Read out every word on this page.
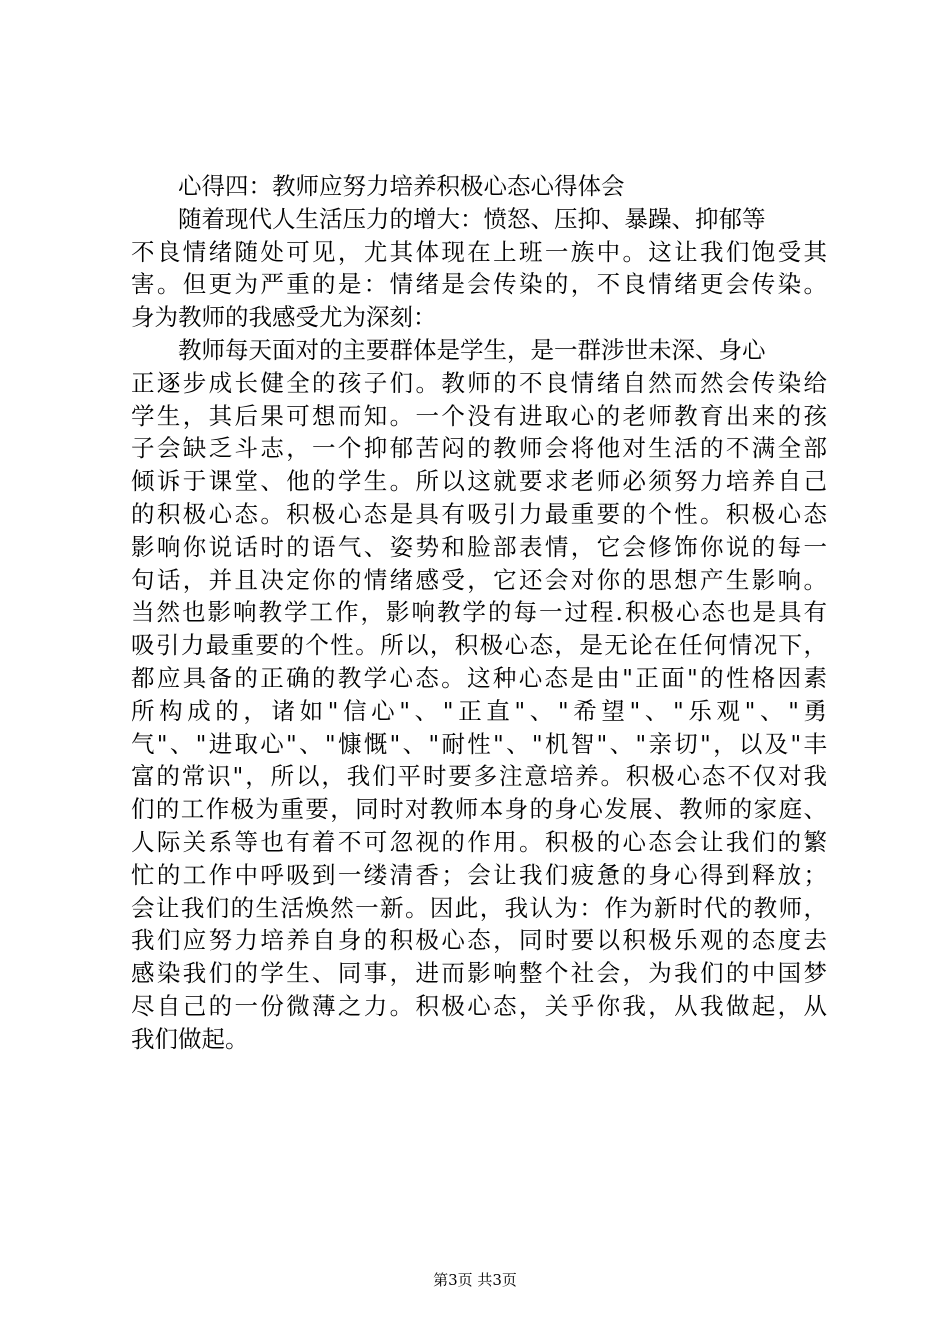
心得四：教师应努力培养积极心态心得体会
随着现代人生活压力的增大：愤怒、压抑、暴躁、抑郁等
不良情绪随处可见，尤其体现在上班一族中。这让我们饱受其
害。但更为严重的是：情绪是会传染的，不良情绪更会传染。
身为教师的我感受尤为深刻：
教师每天面对的主要群体是学生，是一群涉世未深、身心
正逐步成长健全的孩子们。教师的不良情绪自然而然会传染给
学生，其后果可想而知。一个没有进取心的老师教育出来的孩
子会缺乏斗志，一个抑郁苦闷的教师会将他对生活的不满全部
倾诉于课堂、他的学生。所以这就要求老师必须努力培养自己
的积极心态。积极心态是具有吸引力最重要的个性。积极心态
影响你说话时的语气、姿势和脸部表情，它会修饰你说的每一
句话，并且决定你的情绪感受，它还会对你的思想产生影响。
当然也影响教学工作，影响教学的每一过程.积极心态也是具有
吸引力最重要的个性。所以，积极心态，是无论在任何情况下，
都应具备的正确的教学心态。这种心态是由"正面"的性格因素
所构成的，诸如"信心"、"正直"、"希望"、"乐观"、"勇
气"、"进取心"、"慷慨"、"耐性"、"机智"、"亲切"，以及"丰
富的常识"，所以，我们平时要多注意培养。积极心态不仅对我
们的工作极为重要，同时对教师本身的身心发展、教师的家庭、
人际关系等也有着不可忽视的作用。积极的心态会让我们的繁
忙的工作中呼吸到一缕清香；会让我们疲惫的身心得到释放；
会让我们的生活焕然一新。因此，我认为：作为新时代的教师，
我们应努力培养自身的积极心态，同时要以积极乐观的态度去
感染我们的学生、同事，进而影响整个社会，为我们的中国梦
尽自己的一份微薄之力。积极心态，关乎你我，从我做起，从
我们做起。
第3页 共3页
